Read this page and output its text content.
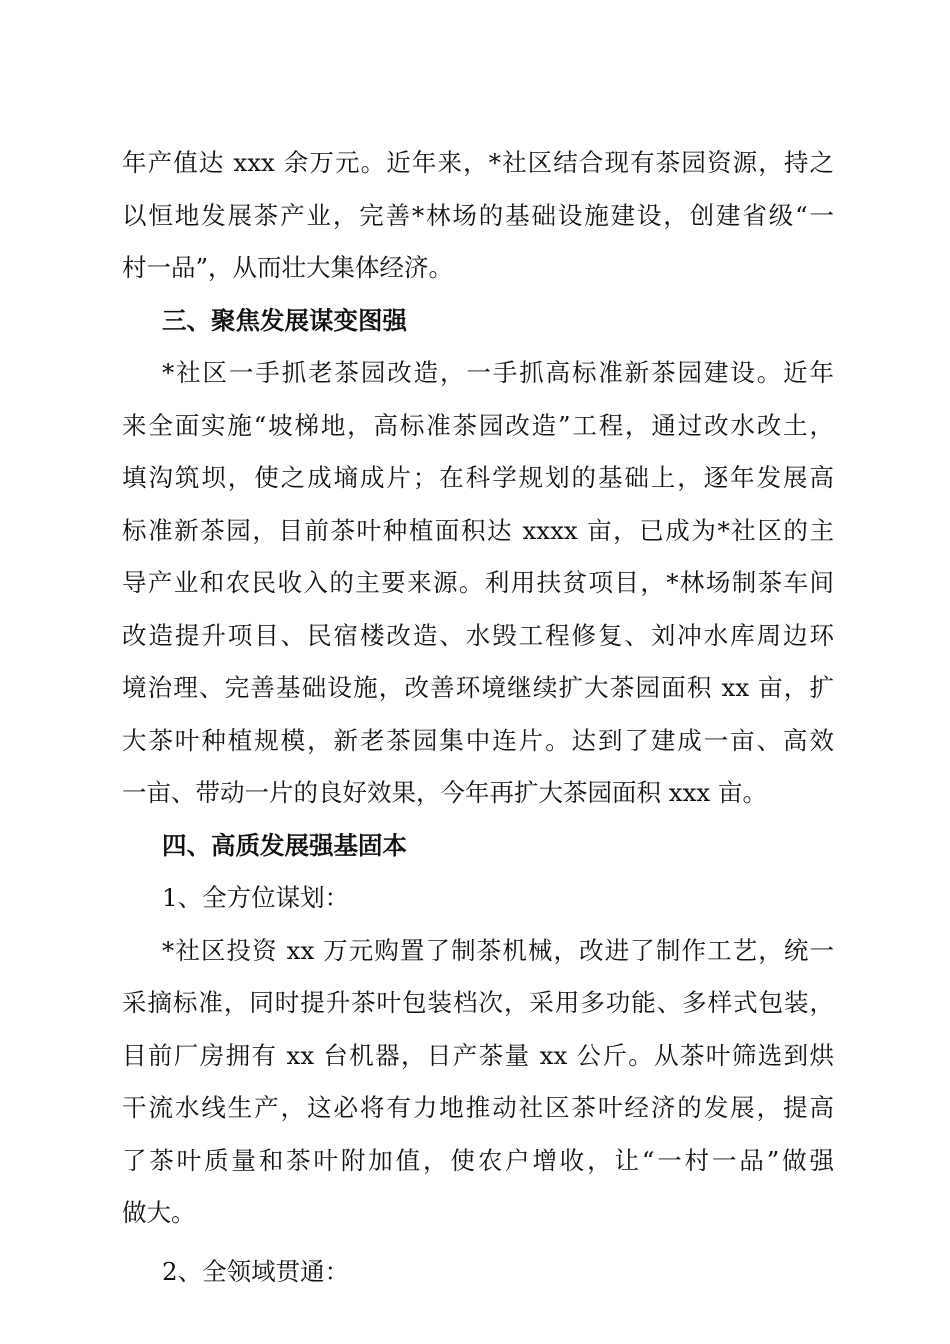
年产值达 xxx 余万元。近年来，*社区结合现有茶园资源，持之
以恒地发展茶产业，完善*林场的基础设施建设，创建省级“一
村一品”，从而壮大集体经济。
三、聚焦发展谋变图强
*社区一手抓老茶园改造，一手抓高标准新茶园建设。近年
来全面实施“坡梯地，高标准茶园改造”工程，通过改水改土，
填沟筑坝，使之成墒成片；在科学规划的基础上，逐年发展高
标准新茶园，目前茶叶种植面积达 xxxx 亩，已成为*社区的主
导产业和农民收入的主要来源。利用扶贫项目，*林场制茶车间
改造提升项目、民宿楼改造、水毁工程修复、刘冲水库周边环
境治理、完善基础设施，改善环境继续扩大茶园面积 xx 亩，扩
大茶叶种植规模，新老茶园集中连片。达到了建成一亩、高效
一亩、带动一片的良好效果，今年再扩大茶园面积 xxx 亩。
四、高质发展强基固本
1、全方位谋划：
*社区投资 xx 万元购置了制茶机械，改进了制作工艺，统一
采摘标准，同时提升茶叶包装档次，采用多功能、多样式包装，
目前厂房拥有 xx 台机器，日产茶量 xx 公斤。从茶叶筛选到烘
干流水线生产，这必将有力地推动社区茶叶经济的发展，提高
了茶叶质量和茶叶附加值，使农户增收，让“一村一品”做强
做大。
2、全领域贯通：
